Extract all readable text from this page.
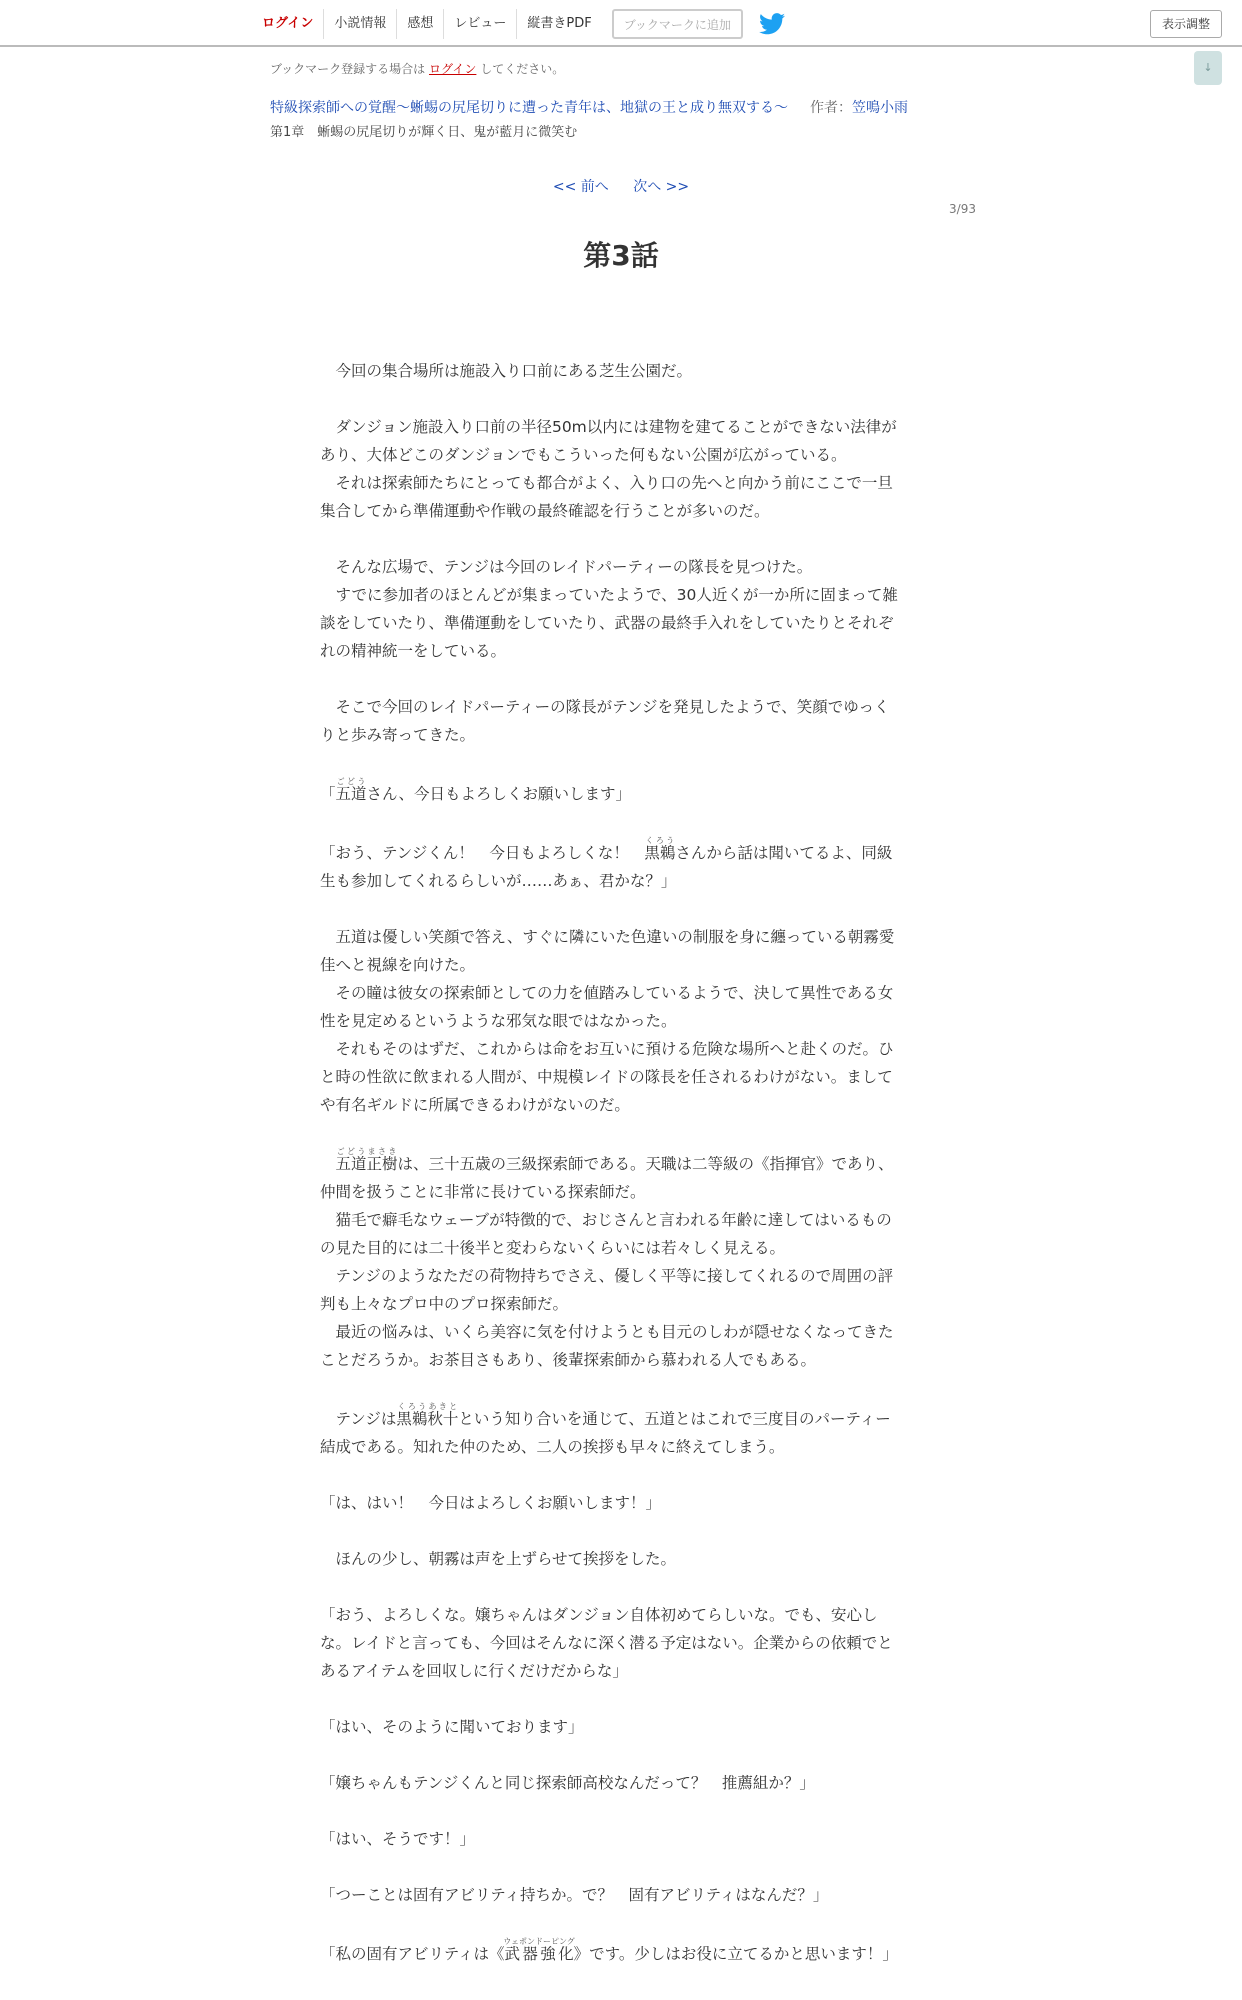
ログイン	小説情報	感想	レビュー	縦書きPDF	ブックマークに追加	表示調整
↓
ブックマーク登録する場合は ログイン してください。
特級探索師への覚醒～蜥蜴の尻尾切りに遭った青年は、地獄の王と成り無双する～ 作者：笠鳴小雨
第1章　蜥蜴の尻尾切りが輝く日、鬼が藍月に微笑む
<< 前へ 次へ >>
3/93
第3話

　今回の集合場所は施設入り口前にある芝生公園だ。

　ダンジョン施設入り口前の半径50m以内には建物を建てることができない法律が

あり、大体どこのダンジョンでもこういった何もない公園が広がっている。

　それは探索師たちにとっても都合がよく、入り口の先へと向かう前にここで一旦

集合してから準備運動や作戦の最終確認を行うことが多いのだ。

　そんな広場で、テンジは今回のレイドパーティーの隊長を見つけた。

　すでに参加者のほとんどが集まっていたようで、30人近くが一か所に固まって雑

談をしていたり、準備運動をしていたり、武器の最終手入れをしていたりとそれぞ

れの精神統一をしている。

　そこで今回のレイドパーティーの隊長がテンジを発見したようで、笑顔でゆっく

りと歩み寄ってきた。

「五道ごどうさん、今日もよろしくお願いします」

「おう、テンジくん！　今日もよろしくな！　黒鵜くろうさんから話は聞いてるよ、同級

生も参加してくれるらしいが……あぁ、君かな？」

　五道は優しい笑顔で答え、すぐに隣にいた色違いの制服を身に纏っている朝霧愛

佳へと視線を向けた。

　その瞳は彼女の探索師としての力を値踏みしているようで、決して異性である女

性を見定めるというような邪気な眼ではなかった。

　それもそのはずだ、これからは命をお互いに預ける危険な場所へと赴くのだ。ひ

と時の性欲に飲まれる人間が、中規模レイドの隊長を任されるわけがない。まして

や有名ギルドに所属できるわけがないのだ。

　五道正樹ごどうまさきは、三十五歳の三級探索師である。天職は二等級の《指揮官》であり、

仲間を扱うことに非常に長けている探索師だ。

　猫毛で癖毛なウェーブが特徴的で、おじさんと言われる年齢に達してはいるもの

の見た目的には二十後半と変わらないくらいには若々しく見える。

　テンジのようなただの荷物持ちでさえ、優しく平等に接してくれるので周囲の評

判も上々なプロ中のプロ探索師だ。

　最近の悩みは、いくら美容に気を付けようとも目元のしわが隠せなくなってきた

ことだろうか。お茶目さもあり、後輩探索師から慕われる人でもある。

　テンジは黒鵜秋十くろうあきとという知り合いを通じて、五道とはこれで三度目のパーティー

結成である。知れた仲のため、二人の挨拶も早々に終えてしまう。

「は、はい！　今日はよろしくお願いします！」

　ほんの少し、朝霧は声を上ずらせて挨拶をした。

「おう、よろしくな。嬢ちゃんはダンジョン自体初めてらしいな。でも、安心し

な。レイドと言っても、今回はそんなに深く潜る予定はない。企業からの依頼でと

あるアイテムを回収しに行くだけだからな」

「はい、そのように聞いております」

「嬢ちゃんもテンジくんと同じ探索師高校なんだって？　推薦組か？」

「はい、そうです！」

「つーことは固有アビリティ持ちか。で？　固有アビリティはなんだ？」

「私の固有アビリティは《武器強化ウェポンドーピング》です。少しはお役に立てるかと思います！」
